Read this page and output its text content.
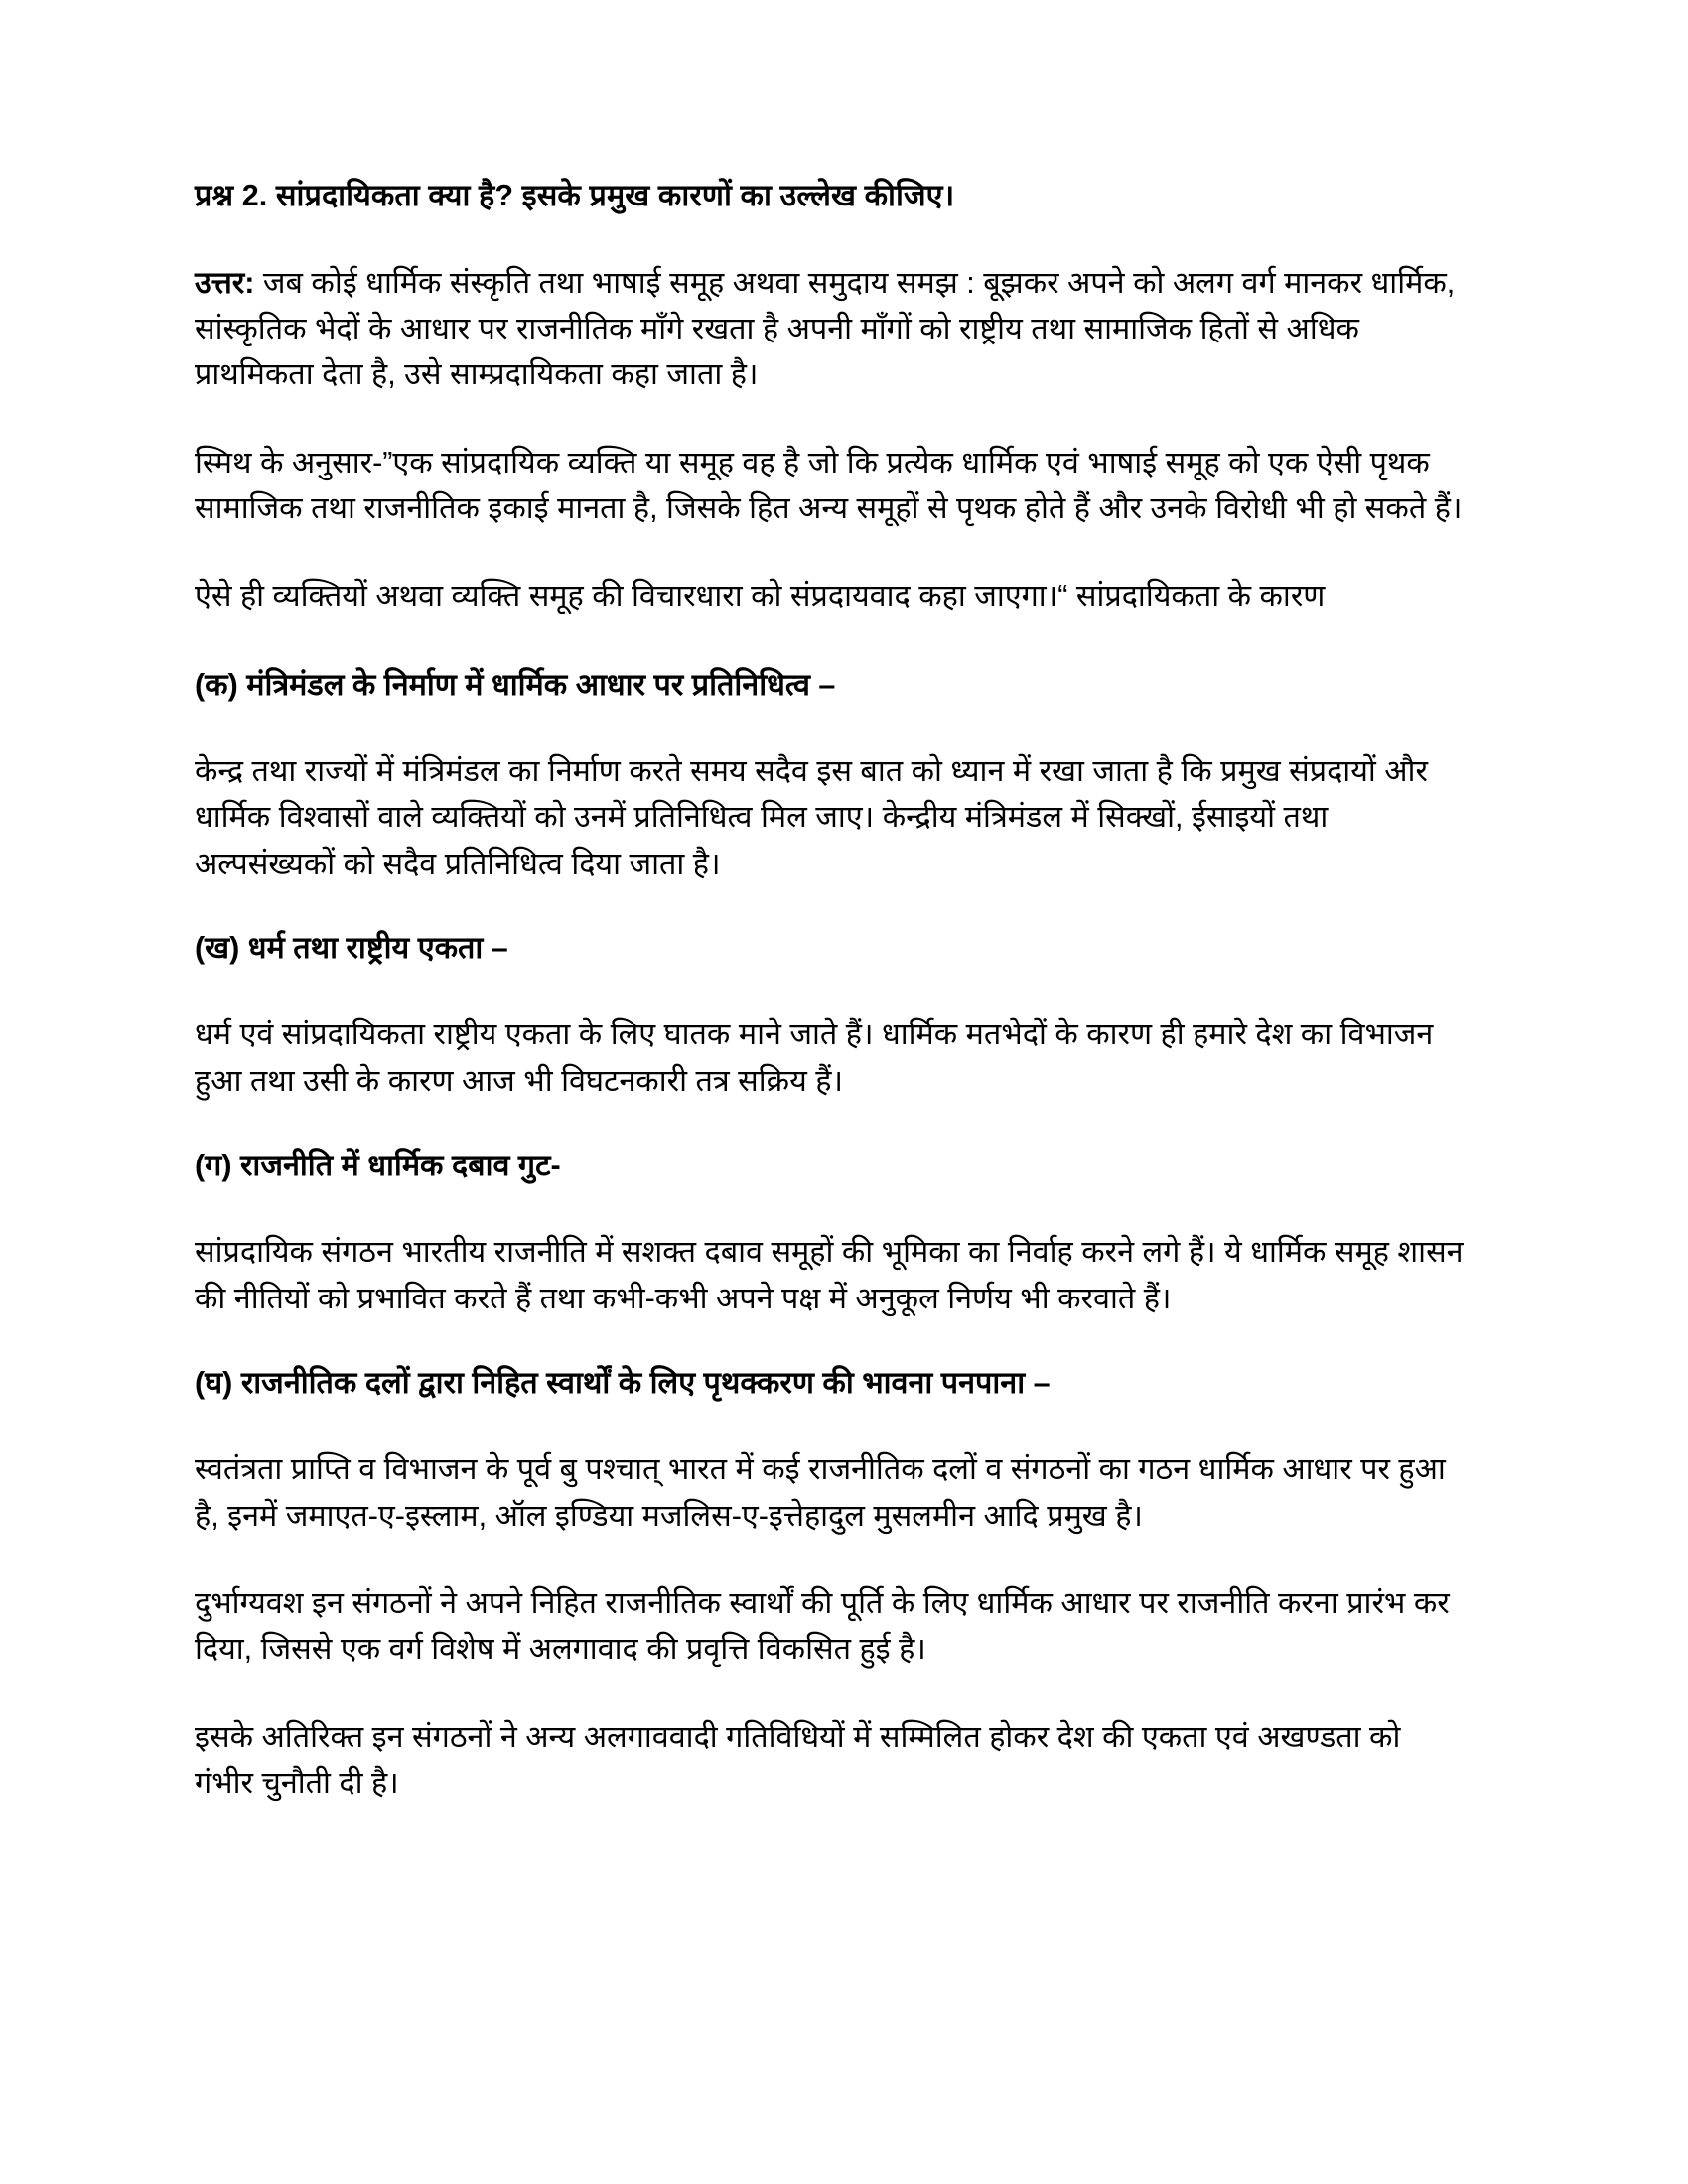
प्रश्न 2. सांप्रदायिकता क्या है? इसके प्रमुख कारणों का उल्लेख कीजिए।

उत्तर: जब कोई धार्मिक संस्कृति तथा भाषाई समूह अथवा समुदाय समझ : बूझकर अपने को अलग वर्ग मानकर धार्मिक, सांस्कृतिक भेदों के आधार पर राजनीतिक माँगे रखता है अपनी माँगों को राष्ट्रीय तथा सामाजिक हितों से अधिक प्राथमिकता देता है, उसे साम्प्रदायिकता कहा जाता है।

स्मिथ के अनुसार-”एक सांप्रदायिक व्यक्ति या समूह वह है जो कि प्रत्येक धार्मिक एवं भाषाई समूह को एक ऐसी पृथक सामाजिक तथा राजनीतिक इकाई मानता है, जिसके हित अन्य समूहों से पृथक होते हैं और उनके विरोधी भी हो सकते हैं।

ऐसे ही व्यक्तियों अथवा व्यक्ति समूह की विचारधारा को संप्रदायवाद कहा जाएगा।“ सांप्रदायिकता के कारण

(क) मंत्रिमंडल के निर्माण में धार्मिक आधार पर प्रतिनिधित्व –

केन्द्र तथा राज्यों में मंत्रिमंडल का निर्माण करते समय सदैव इस बात को ध्यान में रखा जाता है कि प्रमुख संप्रदायों और धार्मिक विश्वासों वाले व्यक्तियों को उनमें प्रतिनिधित्व मिल जाए। केन्द्रीय मंत्रिमंडल में सिक्खों, ईसाइयों तथा अल्पसंख्यकों को सदैव प्रतिनिधित्व दिया जाता है।

(ख) धर्म तथा राष्ट्रीय एकता –

धर्म एवं सांप्रदायिकता राष्ट्रीय एकता के लिए घातक माने जाते हैं। धार्मिक मतभेदों के कारण ही हमारे देश का विभाजन हुआ तथा उसी के कारण आज भी विघटनकारी तत्र सक्रिय हैं।

(ग) राजनीति में धार्मिक दबाव गुट-

सांप्रदायिक संगठन भारतीय राजनीति में सशक्त दबाव समूहों की भूमिका का निर्वाह करने लगे हैं। ये धार्मिक समूह शासन की नीतियों को प्रभावित करते हैं तथा कभी-कभी अपने पक्ष में अनुकूल निर्णय भी करवाते हैं।

(घ) राजनीतिक दलों द्वारा निहित स्वार्थों के लिए पृथक्करण की भावना पनपाना –

स्वतंत्रता प्राप्ति व विभाजन के पूर्व बु पश्चात् भारत में कई राजनीतिक दलों व संगठनों का गठन धार्मिक आधार पर हुआ है, इनमें जमाएत-ए-इस्लाम, ऑल इण्डिया मजलिस-ए-इत्तेहादुल मुसलमीन आदि प्रमुख है।

दुर्भाग्यवश इन संगठनों ने अपने निहित राजनीतिक स्वार्थों की पूर्ति के लिए धार्मिक आधार पर राजनीति करना प्रारंभ कर दिया, जिससे एक वर्ग विशेष में अलगावाद की प्रवृत्ति विकसित हुई है।

इसके अतिरिक्त इन संगठनों ने अन्य अलगाववादी गतिविधियों में सम्मिलित होकर देश की एकता एवं अखण्डता को गंभीर चुनौती दी है।
